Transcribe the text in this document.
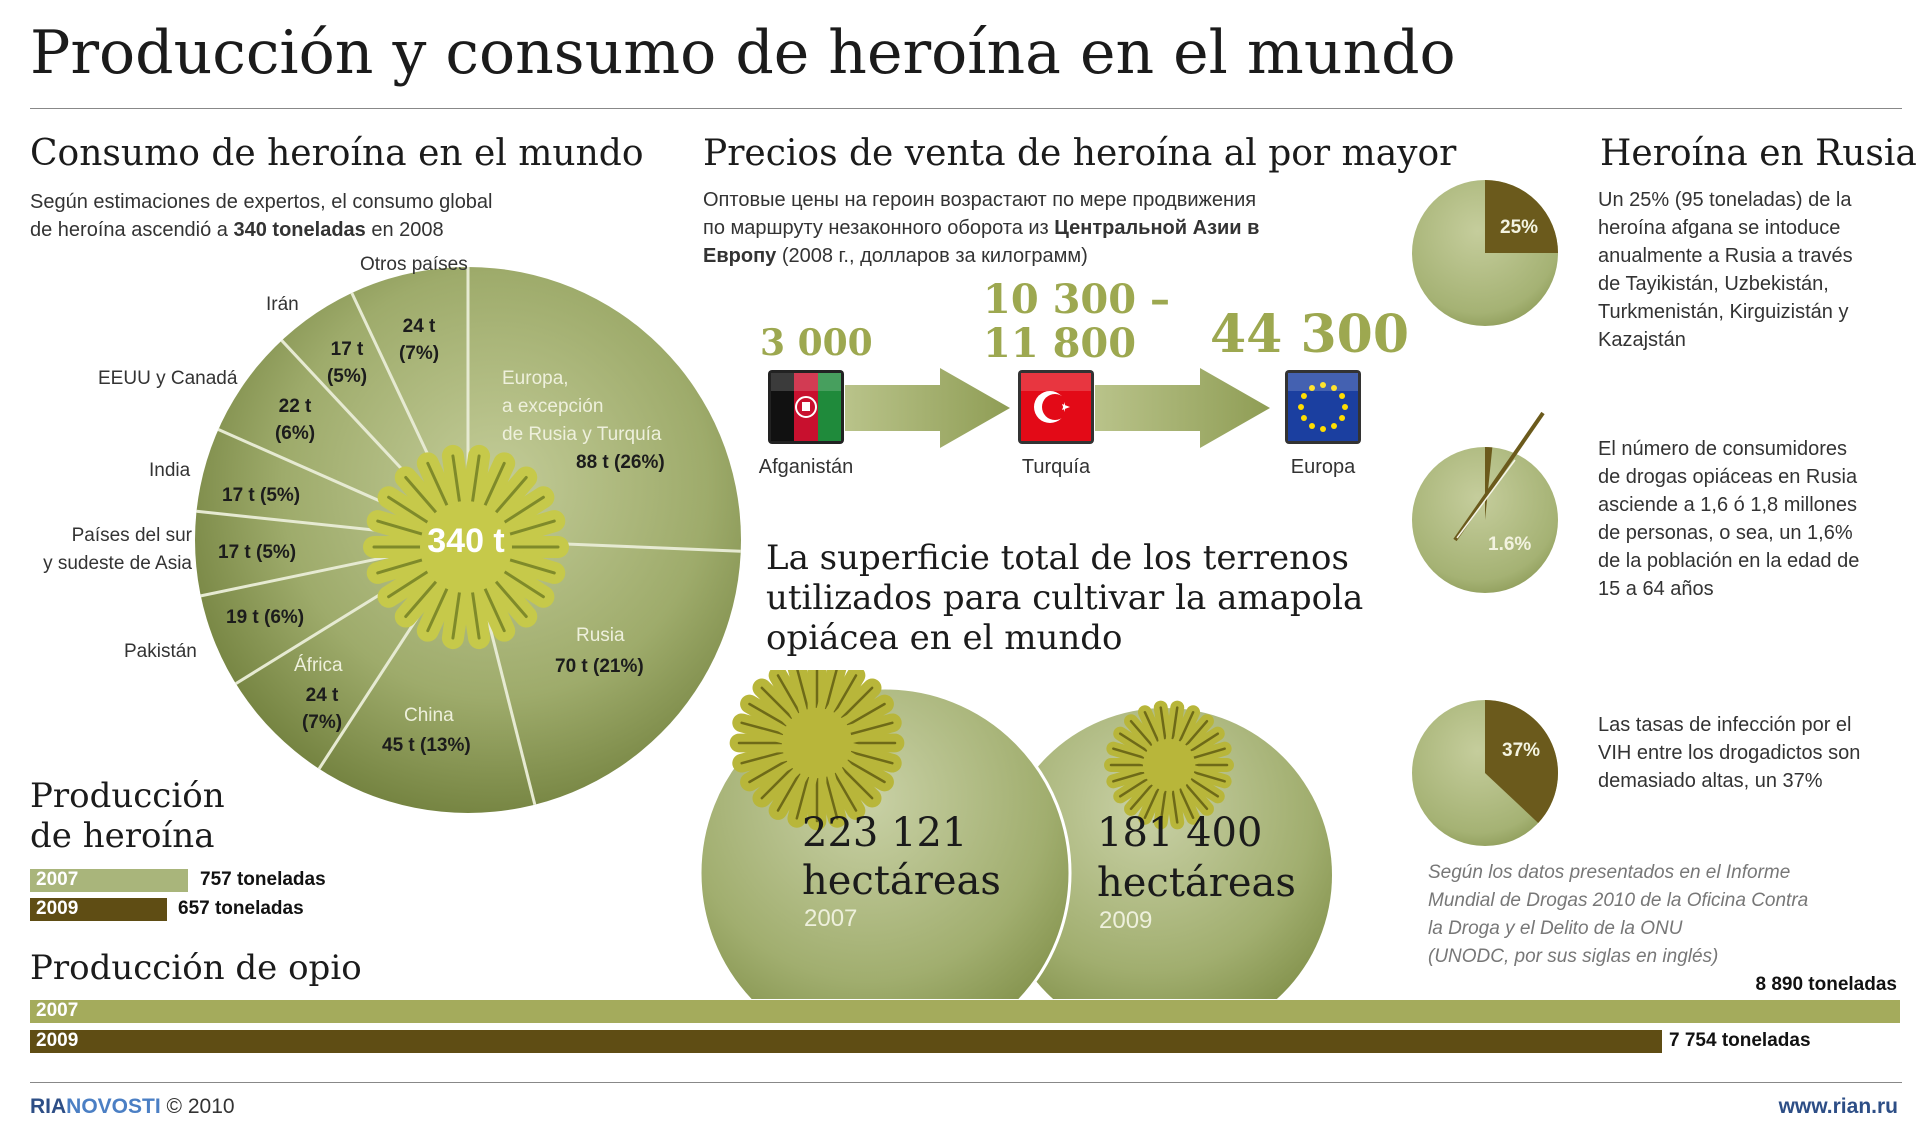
Producción y consumo de heroína en el mundo
Consumo de heroína en el mundo
Según estimaciones de expertos, el consumo global
de heroína ascendió a 340 toneladas en 2008
340 t
Otros países
Irán
EEUU y Canadá
India
Países del sur
y sudeste de Asia
Pakistán
África
China
Rusia
Europa,
a excepción
de Rusia y Turquía
24 t
(7%)
17 t
(5%)
22 t
(6%)
17 t (5%)
17 t (5%)
19 t (6%)
24 t
(7%)
45 t (13%)
70 t (21%)
88 t (26%)
Producción
de heroína
2007	757 toneladas
2009	657 toneladas
Producción de opio	8 890 toneladas
2007
2009	7 754 toneladas
Precios de venta de heroína al por mayor
Оптовые цены на героин возрастают по мере продвижения
по маршруту незаконного оборота из Центральной Азии в
Европу (2008 г., долларов за килограмм)
3 000
10 300 –
11 800	44 300
Afganistán	Turquía	Europa
La superficie total de los terrenos
utilizados para cultivar la amapola
opiácea en el mundo
223 121
hectáreas
2007
181 400
hectáreas
2009
Heroína en Rusia
25%
1.6%
37%
Un 25% (95 toneladas) de la
heroína afgana se intoduce
anualmente a Rusia a través
de Tayikistán, Uzbekistán,
Turkmenistán, Kirguizistán y
Kazajstán
El número de consumidores
de drogas opiáceas en Rusia
asciende a 1,6 ó 1,8 millones
de personas, o sea, un 1,6%
de la población en la edad de
15 a 64 años
Las tasas de infección por el
VIH entre los drogadictos son
demasiado altas, un 37%
Según los datos presentados en el Informe
Mundial de Drogas 2010 de la Oficina Contra
la Droga y el Delito de la ONU
(UNODC, por sus siglas en inglés)
RIANOVOSTI © 2010	www.rian.ru
